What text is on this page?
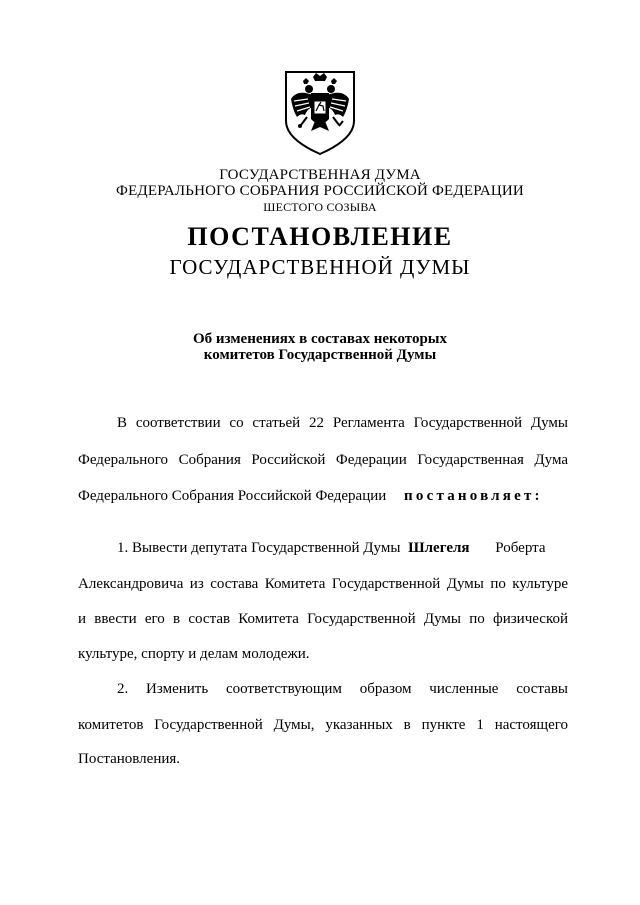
ГОСУДАРСТВЕННАЯ ДУМА
ФЕДЕРАЛЬНОГО СОБРАНИЯ РОССИЙСКОЙ ФЕДЕРАЦИИ
ШЕСТОГО СОЗЫВА
ПОСТАНОВЛЕНИЕ
ГОСУДАРСТВЕННОЙ ДУМЫ
Об изменениях в составах некоторых
комитетов Государственной Думы
В соответствии со статьей 22 Регламента Государственной Думы
Федерального Собрания Российской Федерации Государственная Дума
Федерального Собрания Российской Федерации постановляет:
1. Вывести депутата Государственной Думы Шлегеля Роберта
Александровича из состава Комитета Государственной Думы по культуре
и ввести его в состав Комитета Государственной Думы по физической
культуре, спорту и делам молодежи.
2. Изменить соответствующим образом численные составы
комитетов Государственной Думы, указанных в пункте 1 настоящего
Постановления.
